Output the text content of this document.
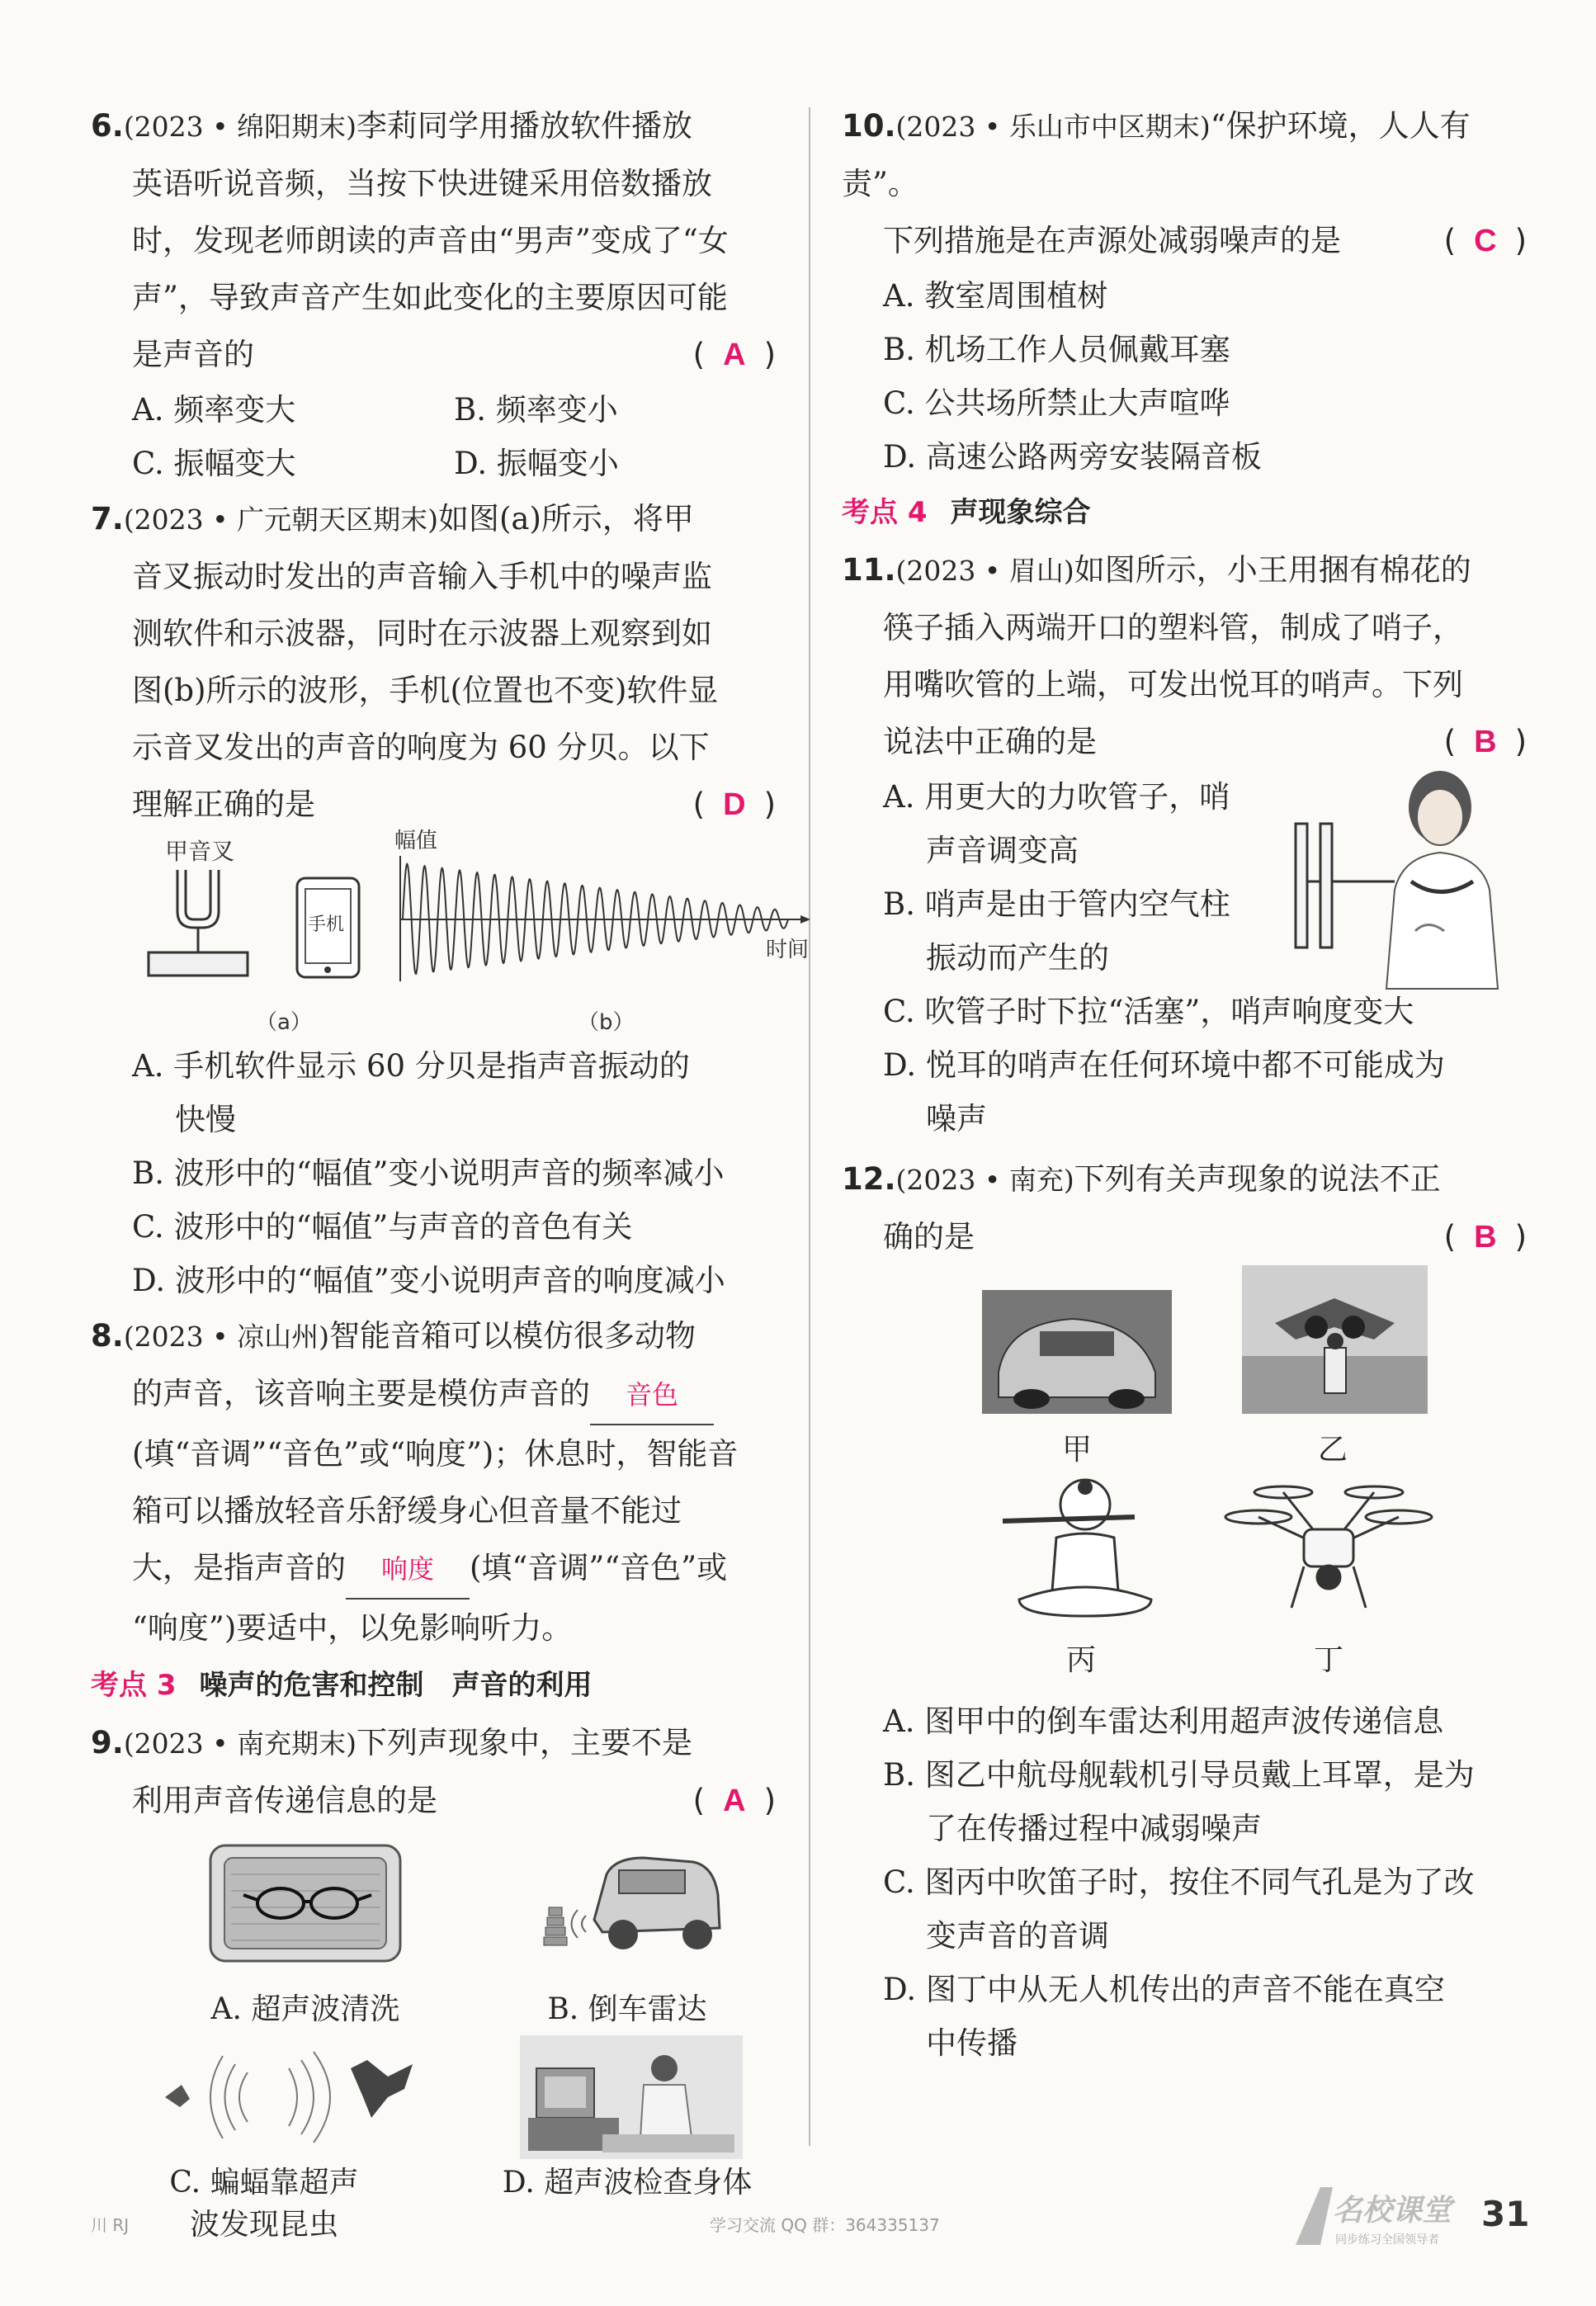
6.(2023 • 绵阳期末)李莉同学用播放软件播放
英语听说音频，当按下快进键采用倍数播放
时，发现老师朗读的声音由“男声”变成了“女
声”，导致声音产生如此变化的主要原因可能
是声音的	( A )
A. 频率变大	B. 频率变小
C. 振幅变大	D. 振幅变小
7.(2023 • 广元朝天区期末)如图(a)所示，将甲
音叉振动时发出的声音输入手机中的噪声监
测软件和示波器，同时在示波器上观察到如
图(b)所示的波形，手机(位置也不变)软件显
示音叉发出的声音的响度为 60 分贝。以下
理解正确的是	( D )
甲音叉
手机
幅值
时间
（a）	（b）
A. 手机软件显示 60 分贝是指声音振动的
快慢
B. 波形中的“幅值”变小说明声音的频率减小
C. 波形中的“幅值”与声音的音色有关
D. 波形中的“幅值”变小说明声音的响度减小
8.(2023 • 凉山州)智能音箱可以模仿很多动物
的声音，该音响主要是模仿声音的 音色
(填“音调”“音色”或“响度”)；休息时，智能音
箱可以播放轻音乐舒缓身心但音量不能过
大，是指声音的 响度 (填“音调”“音色”或
“响度”)要适中，以免影响听力。
考点 3 噪声的危害和控制　声音的利用
9.(2023 • 南充期末)下列声现象中，主要不是
利用声音传递信息的是	( A )
A. 超声波清洗	B. 倒车雷达
C. 蝙蝠靠超声
波发现昆虫
D. 超声波检查身体
10.(2023 • 乐山市中区期末)“保护环境，人人有责”。
下列措施是在声源处减弱噪声的是	( C )
A. 教室周围植树
B. 机场工作人员佩戴耳塞
C. 公共场所禁止大声喧哗
D. 高速公路两旁安装隔音板
考点 4 声现象综合
11.(2023 • 眉山)如图所示，小王用捆有棉花的
筷子插入两端开口的塑料管，制成了哨子，
用嘴吹管的上端，可发出悦耳的哨声。下列
说法中正确的是	( B )
A. 用更大的力吹管子，哨
声音调变高
B. 哨声是由于管内空气柱
振动而产生的
C. 吹管子时下拉“活塞”，哨声响度变大
D. 悦耳的哨声在任何环境中都不可能成为
噪声
12.(2023 • 南充)下列有关声现象的说法不正
确的是	( B )
甲	乙
丙	丁
A. 图甲中的倒车雷达利用超声波传递信息
B. 图乙中航母舰载机引导员戴上耳罩，是为
了在传播过程中减弱噪声
C. 图丙中吹笛子时，按住不同气孔是为了改
变声音的音调
D. 图丁中从无人机传出的声音不能在真空
中传播
川 RJ	学习交流 QQ 群：364335137	名校课堂
同步练习全国领导者
31
